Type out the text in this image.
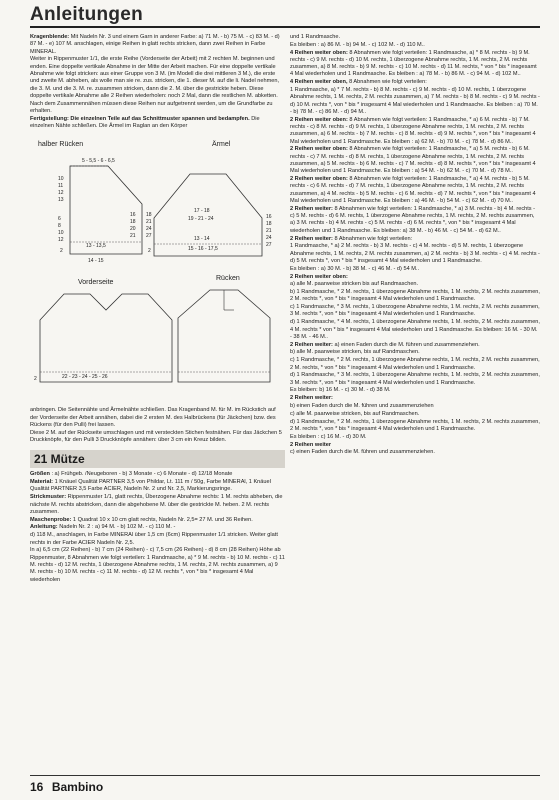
Anleitungen

Kragenblende: Mit Nadeln Nr. 3 und einem Garn in anderer Farbe: a) 71 M. - b) 75 M. - c) 83 M. - d) 87 M. - e) 107 M. anschlagen, einige Reihen in glatt rechts stricken, dann zwei Reihen in Farbe MINERAL.

Weiter in Rippenmuster 1/1, die erste Reihe (Vorderseite der Arbeit) mit 2 rechten M. beginnen und enden. Eine doppelte vertikale Abnahme in der Mitte der Arbeit machen. Für eine doppelte vertikale Abnahme wie folgt stricken: aus einer Gruppe von 3 M. (im Modell die drei mittleren 3 M.), die erste und zweite M. abheben, als wolle man sie re. zus. stricken, die 1. dieser M. auf die li. Nadel nehmen, die 3. M. und die 3. M. re. zusammen stricken, dann die 2. M. über die gestrickte heben. Diese doppelte vertikale Abnahme alle 2 Reihen wiederholen: noch 2 Mal, dann die restlichen M. abketten.

Nach dem Zusammennähen müssen diese Reihen nur aufgetrennt werden, um die Grundfarbe zu erhalten.

Fertigstellung: Die einzelnen Teile auf das Schnittmuster spannen und bedampfen. Die einzelnen Nähte schließen. Die Ärmel im Raglan an den Körper

halber Rücken
5 - 5,5 - 6 - 6,5
10
11
12
13
6
8
10
12
2
13 - 13,5
14 - 15
18
21
24
27
16
18
20
21
Ärmel
17 - 18
19 - 21 - 24
13 - 14
15 - 16 - 17,5
16
18
21
24
27
2
Vorderseite
22 - 23 - 24 - 25 - 26
2
Rücken

anbringen. Die Seitennähte und Ärmelnähte schließen. Das Kragenband M. für M. im Rückstich auf der Vorderseite der Arbeit annähen, dabei die 2 ersten M. des Halbrückens (für Jäckchen) bzw. des Rückens (für den Pulli) frei lassen.

Diese 2 M. auf der Rückseite umschlagen und mit versteckten Stichen festnähen. Für das Jäckchen 5 Druckknöpfe, für den Pulli 3 Druckknöpfe annähen: über 3 cm ein Kreuz bilden.

21 Mütze

Größen : a) Frühgeb. /Neugeboren - b) 3 Monate - c) 6 Monate - d) 12/18 Monate

Material: 1 Knäuel Qualität PARTNER 3,5 von Phildar, Lt. 111 m / 50g, Farbe MINERAl, 1 Knäuel Qualität PARTNER 3,5 Farbe ACIER, Nadeln Nr. 2 und Nr. 2,5, Markierungsringe.

Strickmuster: Rippenmuster 1/1, glatt rechts, Überzogene Abnahme rechts: 1 M. rechts abheben, die nächste M. rechts abstricken, dann die abgehobene M. über die gestrickte M. heben. 2 M. rechts zusammen.

Maschenprobe: 1 Quadrat 10 x 10 cm glatt rechts, Nadeln Nr. 2,5= 27 M. und 36 Reihen.

Anleitung: Nadeln Nr. 2 : a) 94 M. - b) 102 M. - c) 110 M. -

d) 118 M., anschlagen, in Farbe MINERAl über 1,5 cm (6cm) Rippenmuster 1/1 stricken. Weiter glatt rechts in der Farbe ACIER Nadeln Nr. 2,5.

In a) 6,5 cm (22 Reihen) - b) 7 cm (24 Reihen) - c) 7,5 cm (26 Reihen) - d) 8 cm (28 Reihen) Höhe ab Rippenmuster, 8 Abnahmen wie folgt verteilen: 1 Randmasche, a) * 9 M. rechts - b) 10 M. rechts - c) 11 M. rechts - d) 12 M. rechts, 1 überzogene Abnahme rechts, 1 M. rechts, 2 M. rechts zusammen, a) 9 M. rechts - b) 10 M. rechts - c) 11 M. rechts - d) 12 M. rechts *, von * bis * insgesamt 4 Mal wiederholen

und 1 Randmasche.

Es bleiben : a) 86 M. - b) 94 M. - c) 102 M. - d) 110 M..

4 Reihen weiter oben: 8 Abnahmen wie folgt verteilen: 1 Randmasche, a) * 8 M. rechts - b) 9 M. rechts - c) 9 M. rechts - d) 10 M. rechts, 1 überzogene Abnahme rechts, 1 M. rechts, 2 M. rechts zusammen, a) 8 M. rechts - b) 9 M. rechts - c) 10 M. rechts - d) 11 M. rechts, * von * bis * insgesamt 4 Mal wiederholen und 1 Randmasche. Es bleiben : a) 78 M. - b) 86 M. - c) 94 M. - d) 102 M..

4 Reihen weiter oben, 8 Abnahmen wie folgt verteilen:

1 Randmasche, a) * 7 M. rechts - b) 8 M. rechts - c) 9 M. rechts - d) 10 M. rechts, 1 überzogene Abnahme rechts, 1 M. rechts, 2 M. rechts zusammen, a) 7 M. rechts - b) 8 M. rechts - c) 9 M. rechts - d) 10 M. rechts *, von * bis * insgesamt 4 Mal wiederholen und 1 Randmasche. Es bleiben : a) 70 M. - b) 78 M. - c) 86 M. - d) 94 M..

2 Reihen weiter oben: 8 Abnahmen wie folgt verteilen: 1 Randmasche, * a) 6 M. rechts - b) 7 M. rechts - c) 8 M. rechts - d) 9 M. rechts, 1 überzogene Abnahme rechts, 1 M. rechts, 2 M. rechts zusammen, a) 6 M. rechts - b) 7 M. rechts - c) 8 M. rechts - d) 9 M. rechts *, von * bis * insgesamt 4 Mal wiederholen und 1 Randmasche. Es bleiben : a) 62 M. - b) 70 M. - c) 78 M. - d) 86 M..

2 Reihen weiter oben: 8 Abnahmen wie folgt verteilen: 1 Randmasche, * a) 5 M. rechts - b) 6 M. rechts - c) 7 M. rechts - d) 8 M. rechts, 1 überzogene Abnahme rechts, 1 M. rechts, 2 M. rechts zusammen, a) 5 M. rechts - b) 6 M. rechts - c) 7 M. rechts - d) 8 M. rechts *, von * bis * insgesamt 4 Mal wiederholen und 1 Randmasche. Es bleiben : a) 54 M. - b) 62 M. - c) 70 M. - d) 78 M..

2 Reihen weiter oben: 8 Abnahmen wie folgt verteilen: 1 Randmasche, * a) 4 M. rechts - b) 5 M. rechts - c) 6 M. rechts - d) 7 M. rechts, 1 überzogene Abnahme rechts, 1 M. rechts, 2 M. rechts zusammen, a) 4 M. rechts - b) 5 M. rechts - c) 6 M. rechts - d) 7 M. rechts *, von * bis * insgesamt 4 Mal wiederholen und 1 Randmasche. Es bleiben : a) 46 M. - b) 54 M. - c) 62 M. - d) 70 M..

2 Reihen weiter: 8 Abnahmen wie folgt verteilen: 1 Randmasche, * a) 3 M. rechts - b) 4 M. rechts - c) 5 M. rechts - d) 6 M. rechts, 1 überzogene Abnahme rechts, 1 M. rechts, 2 M. rechts zusammen, a) 3 M. rechts - b) 4 M. rechts - c) 5 M. rechts - d) 6 M. rechts *, von * bis * insgesamt 4 Mal wiederholen und 1 Randmasche. Es bleiben: a) 38 M. - b) 46 M. - c) 54 M. - d) 62 M..

2 Reihen weiter: 8 Abnahmen wie folgt verteilen:

1 Randmasche, * a) 2 M. rechts - b) 3 M. rechts - c) 4 M. rechts - d) 5 M. rechts, 1 überzogene Abnahme rechts, 1 M. rechts, 2 M. rechts zusammen, a) 2 M. rechts - b) 3 M. rechts - c) 4 M. rechts - d) 5 M. rechts *, von * bis * insgesamt 4 Mal wiederholen und 1 Randmasche.

Es bleiben : a) 30 M. - b) 38 M. - c) 46 M. - d) 54 M..

2 Reihen weiter oben:

a) alle M. paarweise stricken bis auf Randmaschen.

b) 1 Randmasche, * 2 M. rechts, 1 überzogene Abnahme rechts, 1 M. rechts, 2 M. rechts zusammen, 2 M. rechts *, von * bis * insgesamt 4 Mal wiederholen und 1 Randmasche.

c) 1 Randmasche, * 3 M. rechts, 1 überzogene Abnahme rechts, 1 M. rechts, 2 M. rechts zusammen, 3 M. rechts *, von * bis * insgesamt 4 Mal wiederholen und 1 Randmasche.

d) 1 Randmasche, * 4 M. rechts, 1 überzogene Abnahme rechts, 1 M. rechts, 2 M. rechts zusammen, 4 M. rechts * von * bis * insgesamt 4 Mal wiederholen und 1 Randmasche. Es bleiben: 16 M. - 30 M. - 38 M. - 46 M..

2 Reihen weiter: a) einen Faden durch die M. führen und zusammenziehen.

b) alle M. paarweise stricken, bis auf Randmaschen.

c) 1 Randmasche, * 2 M. rechts, 1 überzogene Abnahme rechts, 1 M. rechts, 2 M. rechts zusammen, 2 M. rechts, * von * bis * insgesamt 4 Mal wiederholen und 1 Randmasche.

d) 1 Randmasche, * 3 M. rechts, 1 überzogene Abnahme rechts, 1 M. rechts, 2 M. rechts zusammen, 3 M. rechts *, von * bis * insgesamt 4 Mal wiederholen und 1 Randmasche.

Es bleiben: b) 16 M. - c) 30 M. - d) 38 M.

2 Reihen weiter:

b) einen Faden durch die M. führen und zusammenziehen

c) alle M. paarweise stricken, bis auf Randmaschen.

d) 1 Randmasche, * 2 M. rechts, 1 überzogene Abnahme rechts, 1 M. rechts, 2 M. rechts zusammen, 2 M. rechts *, von * bis * insgesamt 4 Mal wiederholen und 1 Randmasche.

Es bleiben : c) 16 M. - d) 30 M.

2 Reihen weiter

c) einen Faden durch die M. führen und zusammenziehen.

16 Bambino
